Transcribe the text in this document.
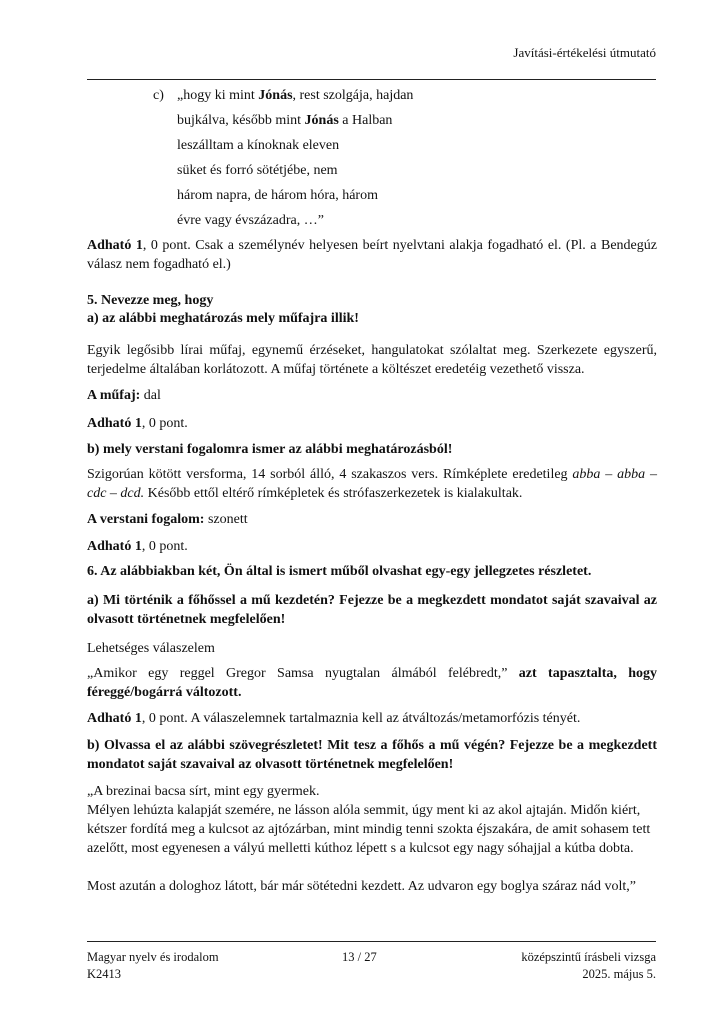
Javítási-értékelési útmutató
c) „hogy ki mint Jónás, rest szolgája, hajdan
bujkálva, később mint Jónás a Halban
leszálltam a kínoknak eleven
süket és forró sötétjébe, nem
három napra, de három hóra, három
évre vagy évszázadra, …”
Adható 1, 0 pont. Csak a személynév helyesen beírt nyelvtani alakja fogadható el. (Pl. a Bendegúz válasz nem fogadható el.)
5. Nevezze meg, hogy
a) az alábbi meghatározás mely műfajra illik!
Egyik legősibb lírai műfaj, egynemű érzéseket, hangulatokat szólaltat meg. Szerkezete egyszerű, terjedelme általában korlátozott. A műfaj története a költészet eredetéig vezethető vissza.
A műfaj: dal
Adható 1, 0 pont.
b) mely verstani fogalomra ismer az alábbi meghatározásból!
Szigorúan kötött versforma, 14 sorból álló, 4 szakaszos vers. Rímképlete eredetileg abba – abba – cdc – dcd. Később ettől eltérő rímképletek és strófaszerkezetek is kialakultak.
A verstani fogalom: szonett
Adható 1, 0 pont.
6. Az alábbiakban két, Ön által is ismert műből olvashat egy-egy jellegzetes részletet.
a) Mi történik a főhőssel a mű kezdetén? Fejezze be a megkezdett mondatot saját szavaival az olvasott történetnek megfelelően!
Lehetséges válaszelem
„Amikor egy reggel Gregor Samsa nyugtalan álmából felébredt,” azt tapasztalta, hogy féreggé/bogárrá változott.
Adható 1, 0 pont. A válaszelemnek tartalmaznia kell az átváltozás/metamorfózis tényét.
b) Olvassa el az alábbi szövegrészletet! Mit tesz a főhős a mű végén? Fejezze be a megkezdett mondatot saját szavaival az olvasott történetnek megfelelően!
„A brezinai bacsa sírt, mint egy gyermek.
Mélyen lehúzta kalapját szemére, ne lásson alóla semmit, úgy ment ki az akol ajtaján. Midőn kiért, kétszer fordítá meg a kulcsot az ajtózárban, mint mindig tenni szokta éjszakára, de amit sohasem tett azelőtt, most egyenesen a vályú melletti kúthoz lépett s a kulcsot egy nagy sóhajjal a kútba dobta.
Most azután a dologhoz látott, bár már sötétedni kezdett. Az udvaron egy boglya száraz nád volt,”
Magyar nyelv és irodalom
K2413
13 / 27	középszintű írásbeli vizsga
2025. május 5.
